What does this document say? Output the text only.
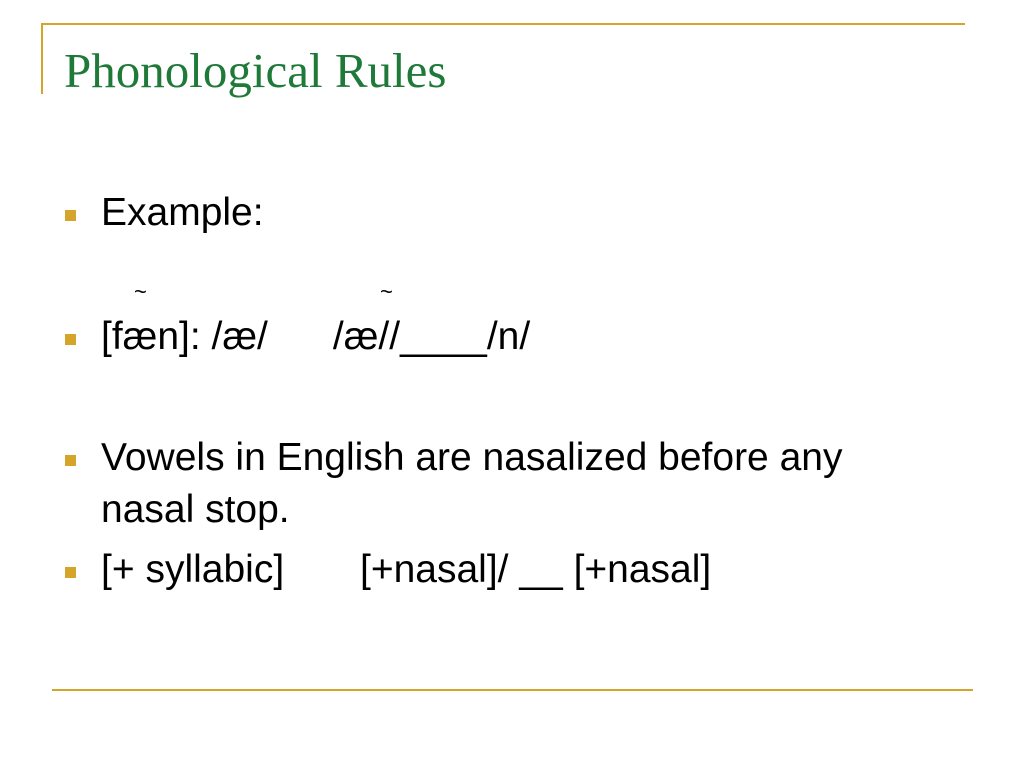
Phonological Rules
Example:
~	~
[fæn]: /æ/      /æ//____/n/
Vowels in English are nasalized before any
nasal stop.
[+ syllabic]       [+nasal]/ __ [+nasal]
